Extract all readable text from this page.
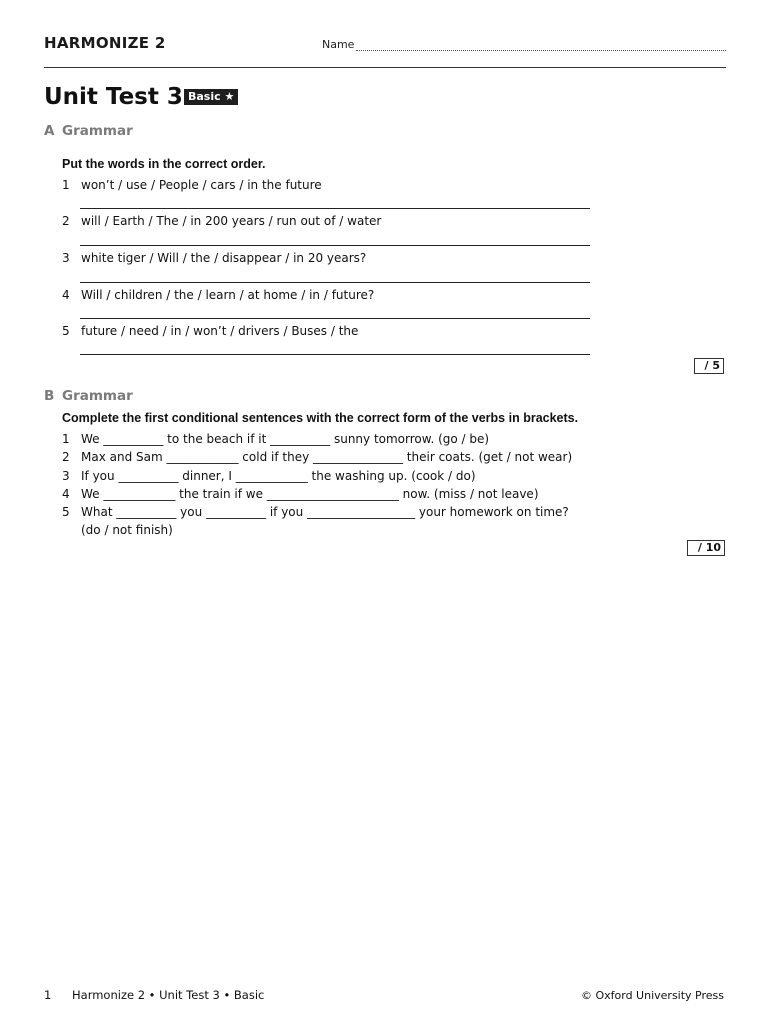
HARMONIZE 2	Name
Unit Test 3 Basic ★
A Grammar
Put the words in the correct order.
1 won’t / use / People / cars / in the future
2 will / Earth / The / in 200 years / run out of / water
3 white tiger / Will / the / disappear / in 20 years?
4 Will / children / the / learn / at home / in / future?
5 future / need / in / won’t / drivers / Buses / the
/ 5
B Grammar
Complete the first conditional sentences with the correct form of the verbs in brackets.
1 We __________ to the beach if it __________ sunny tomorrow. (go / be)
2 Max and Sam ____________ cold if they _______________ their coats. (get / not wear)
3 If you __________ dinner, I ____________ the washing up. (cook / do)
4 We ____________ the train if we ______________________ now. (miss / not leave)
5 What __________ you __________ if you __________________ your homework on time?
(do / not finish)
/ 10
1 Harmonize 2 • Unit Test 3 • Basic	© Oxford University Press
